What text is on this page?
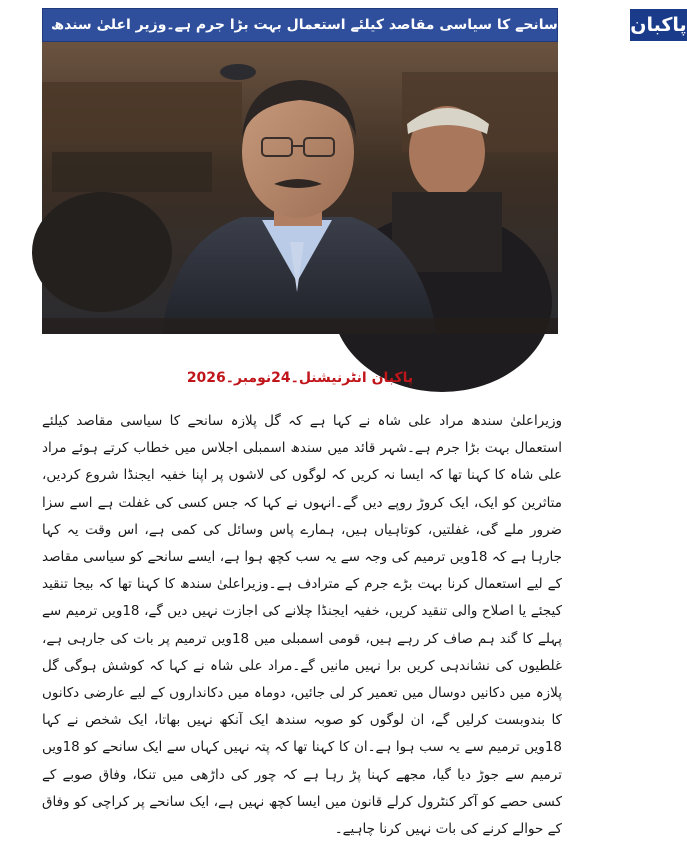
گل پلازہ سانحے کا سیاسی مقاصد کیلئے استعمال بہت بڑا جرم ہے۔وزیر اعلیٰ سندھ پاکبان
پاکبان انٹرنیشنل۔24نومبر۔2026

وزیراعلیٰ سندھ مراد علی شاہ نے کہا ہے کہ گل پلازہ سانحے کا سیاسی مقاصد کیلئے استعمال بہت بڑا جرم ہے۔شہر قائد میں سندھ اسمبلی اجلاس میں خطاب کرتے ہوئے مراد علی شاہ کا کہنا تھا کہ ایسا نہ کریں کہ لوگوں کی لاشوں پر اپنا خفیہ ایجنڈا شروع کردیں، متاثرین کو ایک، ایک کروڑ روپے دیں گے۔انہوں نے کہا کہ جس کسی کی غفلت ہے اسے سزا ضرور ملے گی، غفلتیں، کوتاہیاں ہیں، ہمارے پاس وسائل کی کمی ہے، اس وقت یہ کہا جارہا ہے کہ 18ویں ترمیم کی وجہ سے یہ سب کچھ ہوا ہے، ایسے سانحے کو سیاسی مقاصد کے لیے استعمال کرنا بہت بڑے جرم کے مترادف ہے۔وزیراعلیٰ سندھ کا کہنا تھا کہ بیجا تنقید کیجئے یا اصلاح والی تنقید کریں، خفیہ ایجنڈا چلانے کی اجازت نہیں دیں گے، 18ویں ترمیم سے پہلے کا گند ہم صاف کر رہے ہیں، قومی اسمبلی میں 18ویں ترمیم پر بات کی جارہی ہے، غلطیوں کی نشاندہی کریں برا نہیں مانیں گے۔مراد علی شاہ نے کہا کہ کوشش ہوگی گل پلازہ میں دکانیں دوسال میں تعمیر کر لی جائیں، دوماہ میں دکانداروں کے لیے عارضی دکانوں کا بندوبست کرلیں گے، ان لوگوں کو صوبہ سندھ ایک آنکھ نہیں بھاتا، ایک شخص نے کہا 18ویں ترمیم سے یہ سب ہوا ہے۔ان کا کہنا تھا کہ پتہ نہیں کہاں سے ایک سانحے کو 18ویں ترمیم سے جوڑ دیا گیا، مجھے کہنا پڑ رہا ہے کہ چور کی داڑھی میں تنکا، وفاق صوبے کے کسی حصے کو آکر کنٹرول کرلے قانون میں ایسا کچھ نہیں ہے، ایک سانحے پر کراچی کو وفاق کے حوالے کرنے کی بات نہیں کرنا چاہیے۔
